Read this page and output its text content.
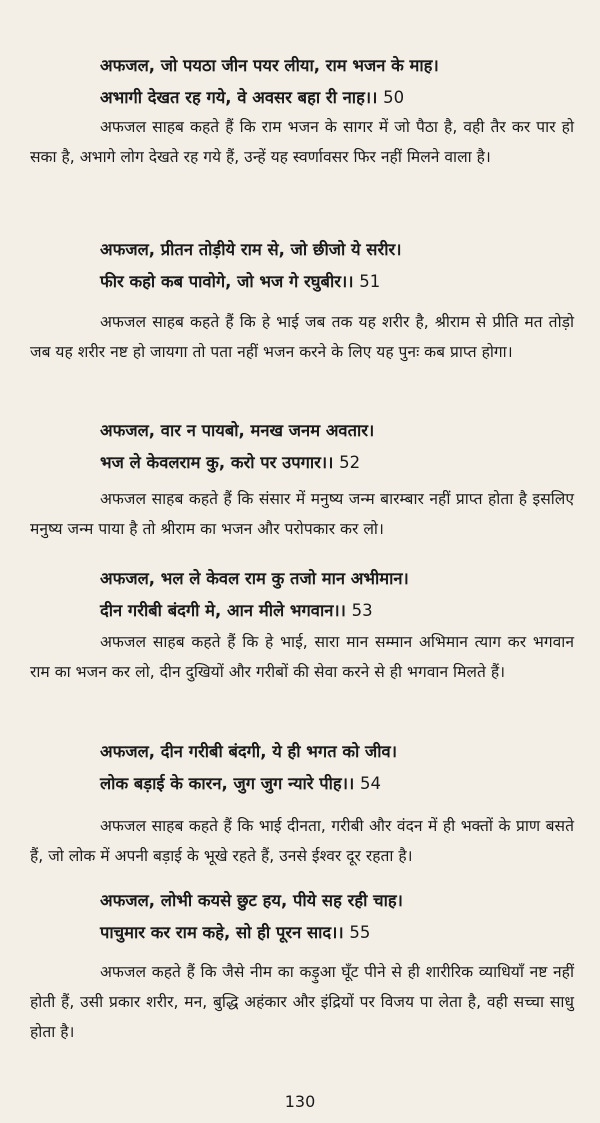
अफजल, जो पयठा जीन पयर लीया, राम भजन के माह।
अभागी देखत रह गये, वे अवसर बहा री नाह।। 50

अफजल साहब कहते हैं कि राम भजन के सागर में जो पैठा है, वही तैर कर पार हो सका है, अभागे लोग देखते रह गये हैं, उन्हें यह स्वर्णावसर फिर नहीं मिलने वाला है।

अफजल, प्रीतन तोड़ीये राम से, जो छीजो ये सरीर।
फीर कहो कब पावोगे, जो भज गे रघुबीर।। 51

अफजल साहब कहते हैं कि हे भाई जब तक यह शरीर है, श्रीराम से प्रीति मत तोड़ो जब यह शरीर नष्ट हो जायगा तो पता नहीं भजन करने के लिए यह पुनः कब प्राप्त होगा।

अफजल, वार न पायबो, मनख जनम अवतार।
भज ले केवलराम कु, करो पर उपगार।। 52

अफजल साहब कहते हैं कि संसार में मनुष्य जन्म बारम्बार नहीं प्राप्त होता है इसलिए मनुष्य जन्म पाया है तो श्रीराम का भजन और परोपकार कर लो।

अफजल, भल ले केवल राम कु तजो मान अभीमान।
दीन गरीबी बंदगी मे, आन मीले भगवान।। 53

अफजल साहब कहते हैं कि हे भाई, सारा मान सम्मान अभिमान त्याग कर भगवान राम का भजन कर लो, दीन दुखियों और गरीबों की सेवा करने से ही भगवान मिलते हैं।

अफजल, दीन गरीबी बंदगी, ये ही भगत को जीव।
लोक बड़ाई के कारन, जुग जुग न्यारे पीह।। 54

अफजल साहब कहते हैं कि भाई दीनता, गरीबी और वंदन में ही भक्तों के प्राण बसते हैं, जो लोक में अपनी बड़ाई के भूखे रहते हैं, उनसे ईश्वर दूर रहता है।

अफजल, लोभी कयसे छुट हय, पीये सह रही चाह।
पाचुमार कर राम कहे, सो ही पूरन साद।। 55

अफजल कहते हैं कि जैसे नीम का कड़ुआ घूँट पीने से ही शारीरिक व्याधियाँ नष्ट नहीं होती हैं, उसी प्रकार शरीर, मन, बुद्धि अहंकार और इंद्रियों पर विजय पा लेता है, वही सच्चा साधु होता है।

130
